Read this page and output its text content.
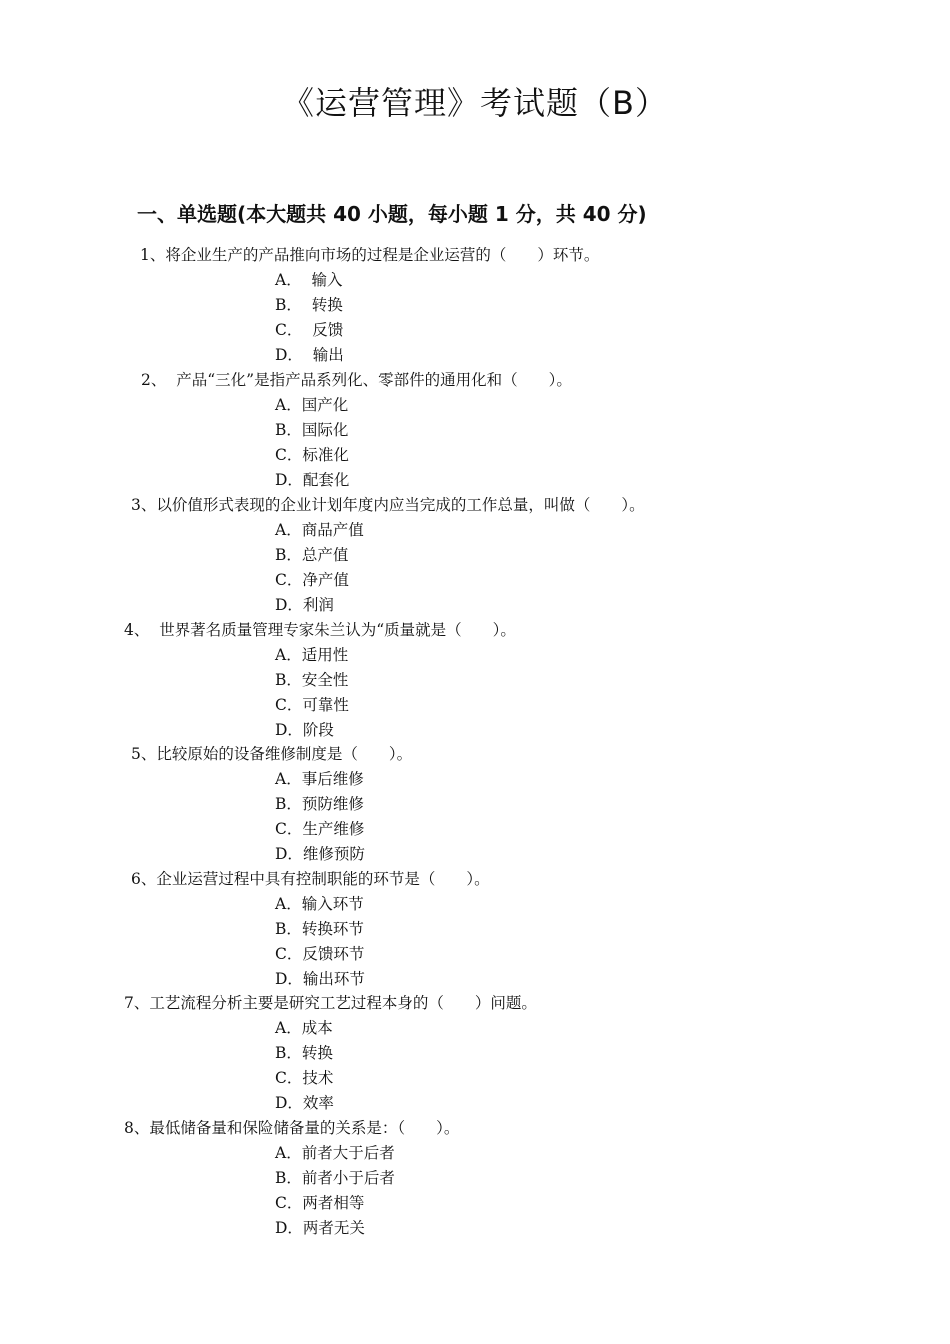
《运营管理》考试题（B）
一、单选题(本大题共 40 小题，每小题 1 分，共 40 分)
1、将企业生产的产品推向市场的过程是企业运营的（　　）环节。
A．  输入
B．  转换
C．  反馈
D．  输出
2、  产品“三化”是指产品系列化、零部件的通用化和（　　）。
A．国产化
B．国际化
C．标准化
D．配套化
3、以价值形式表现的企业计划年度内应当完成的工作总量，叫做（　　）。
A．商品产值
B．总产值
C．净产值
D．利润
4、  世界著名质量管理专家朱兰认为“质量就是（　　）。
A．适用性
B．安全性
C．可靠性
D．阶段
5、比较原始的设备维修制度是（　　）。
A．事后维修
B．预防维修
C．生产维修
D．维修预防
6、企业运营过程中具有控制职能的环节是（　　）。
A．输入环节
B．转换环节
C．反馈环节
D．输出环节
7、工艺流程分析主要是研究工艺过程本身的（　　）问题。
A．成本
B．转换
C．技术
D．效率
8、最低储备量和保险储备量的关系是：（　　）。
A．前者大于后者
B．前者小于后者
C．两者相等
D．两者无关
